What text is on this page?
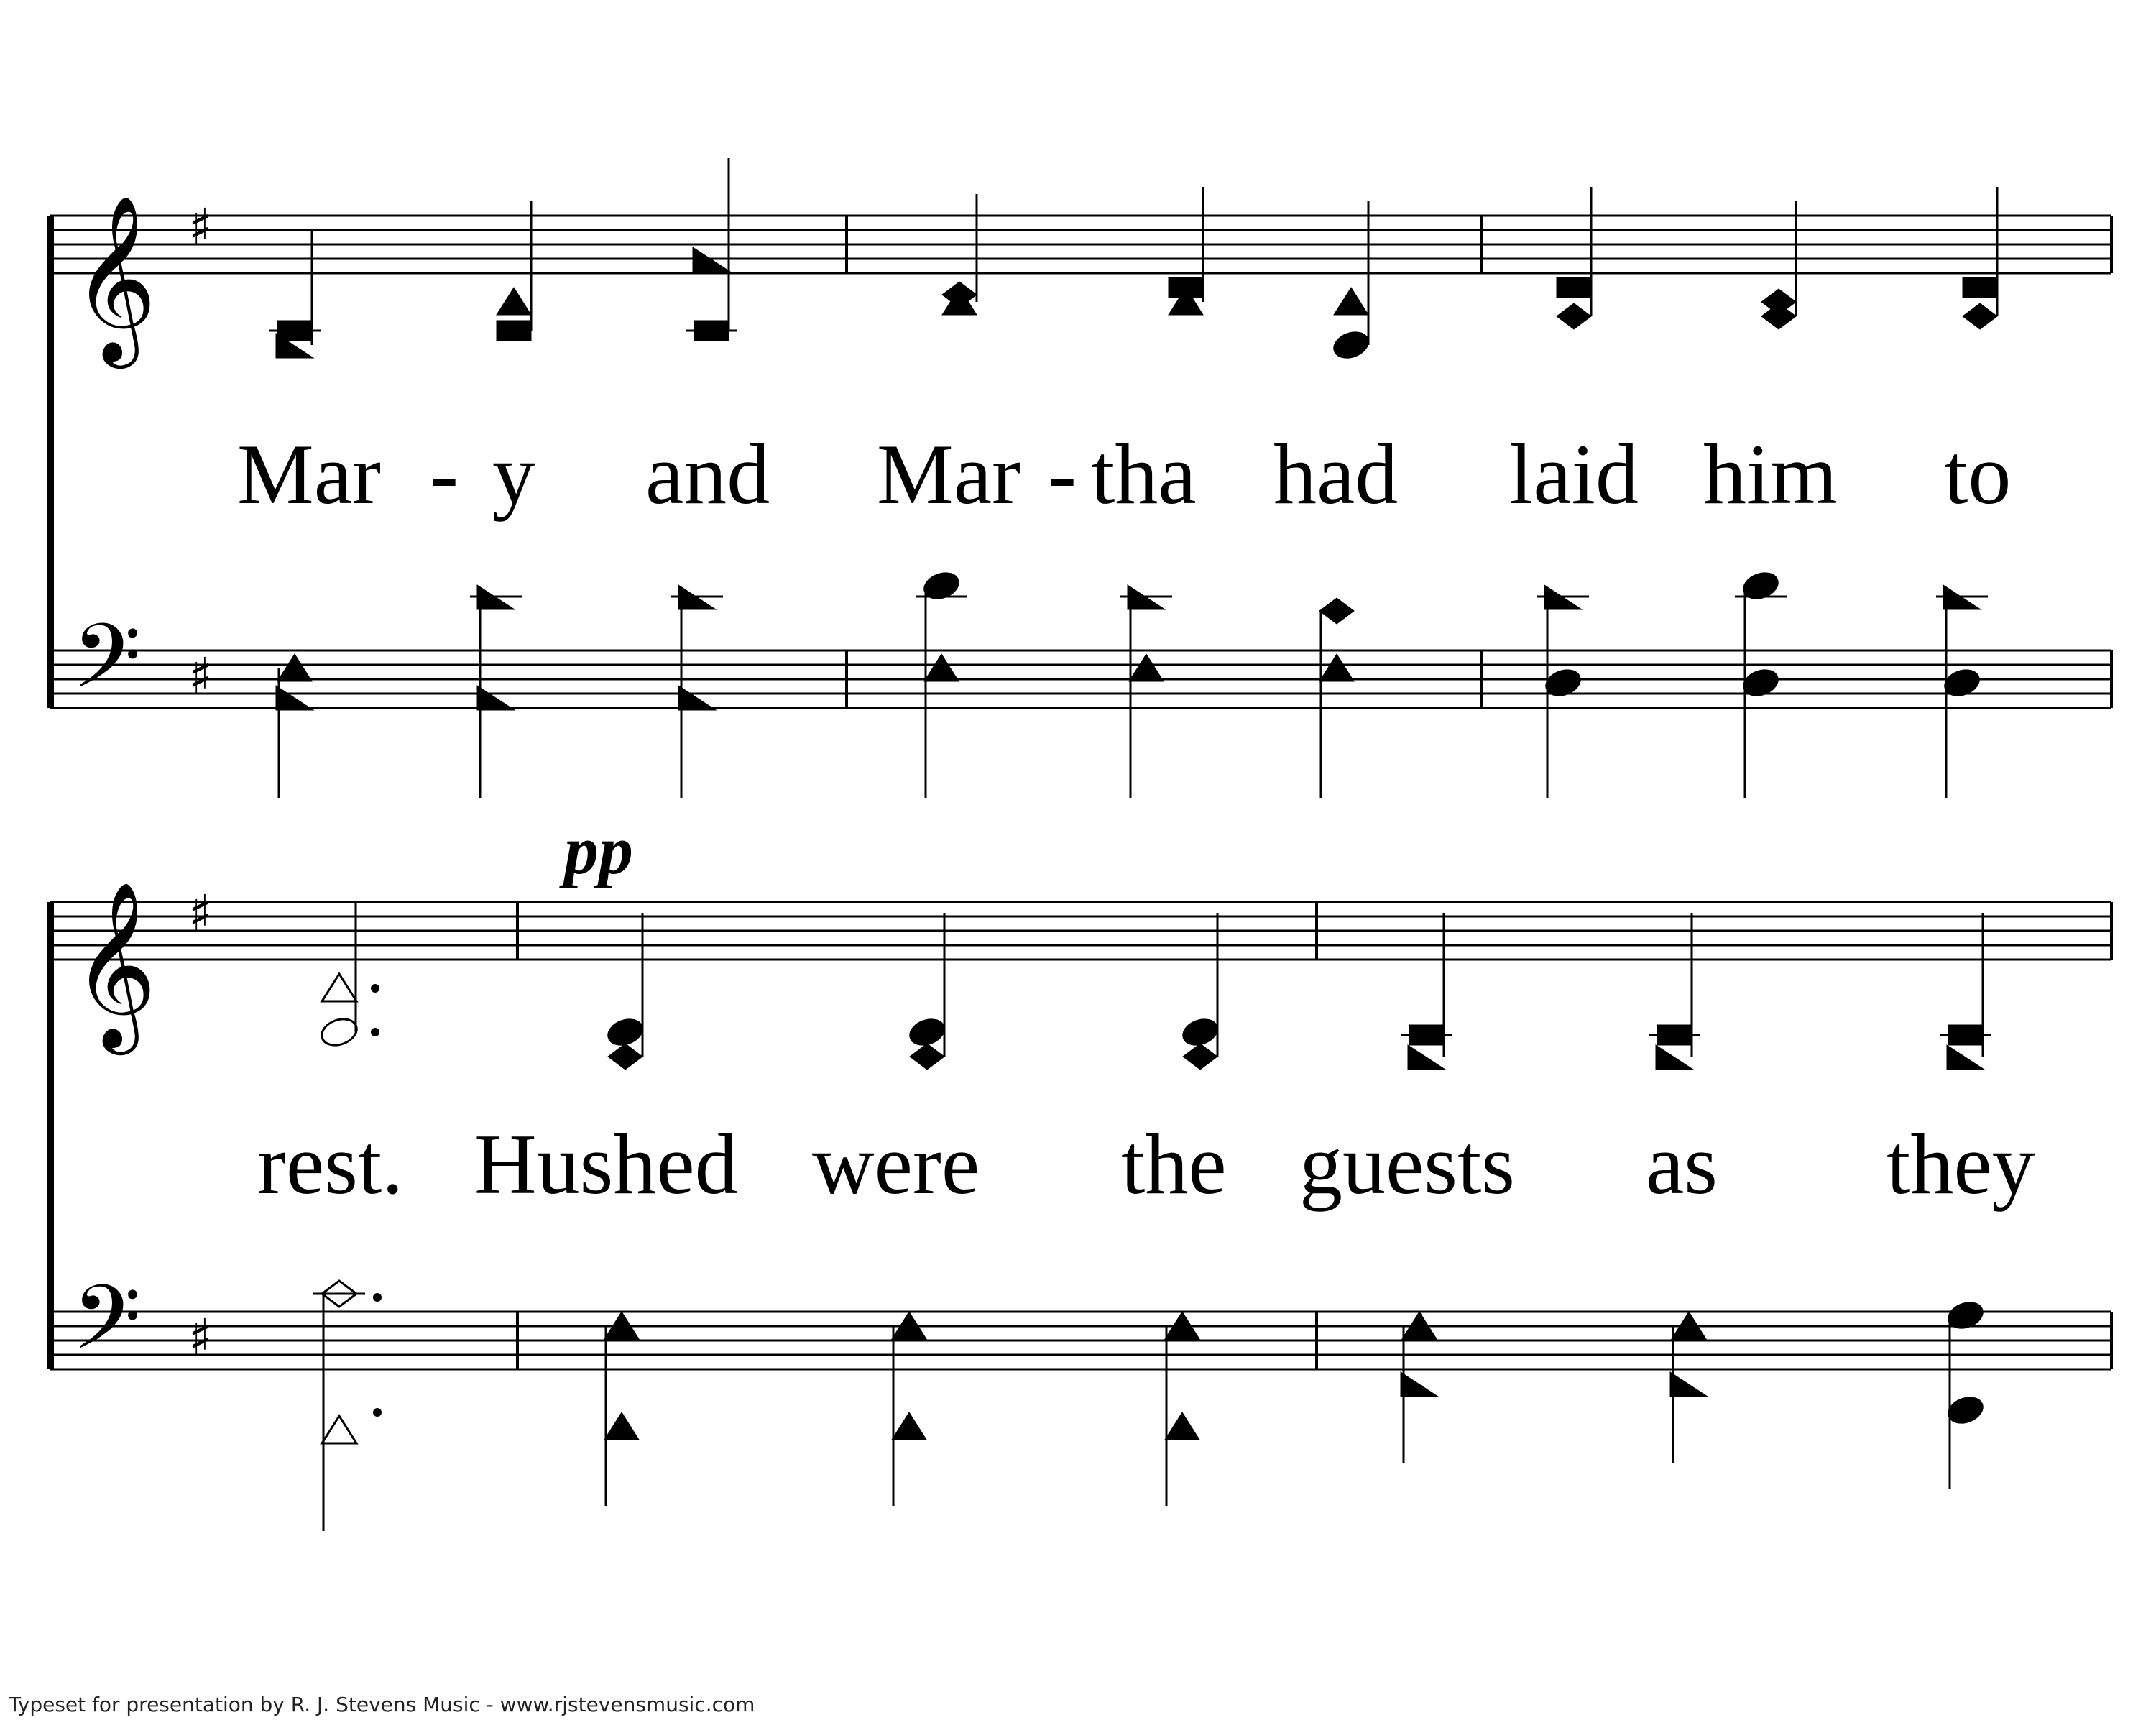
𝄞
𝄢
♯
♯
𝄞
𝄢
♯
♯
Mar - y and Mar - tha had laid him to
pp
rest. Hushed were the guests as they
Typeset for presentation by R. J. Stevens Music - www.rjstevensmusic.com
